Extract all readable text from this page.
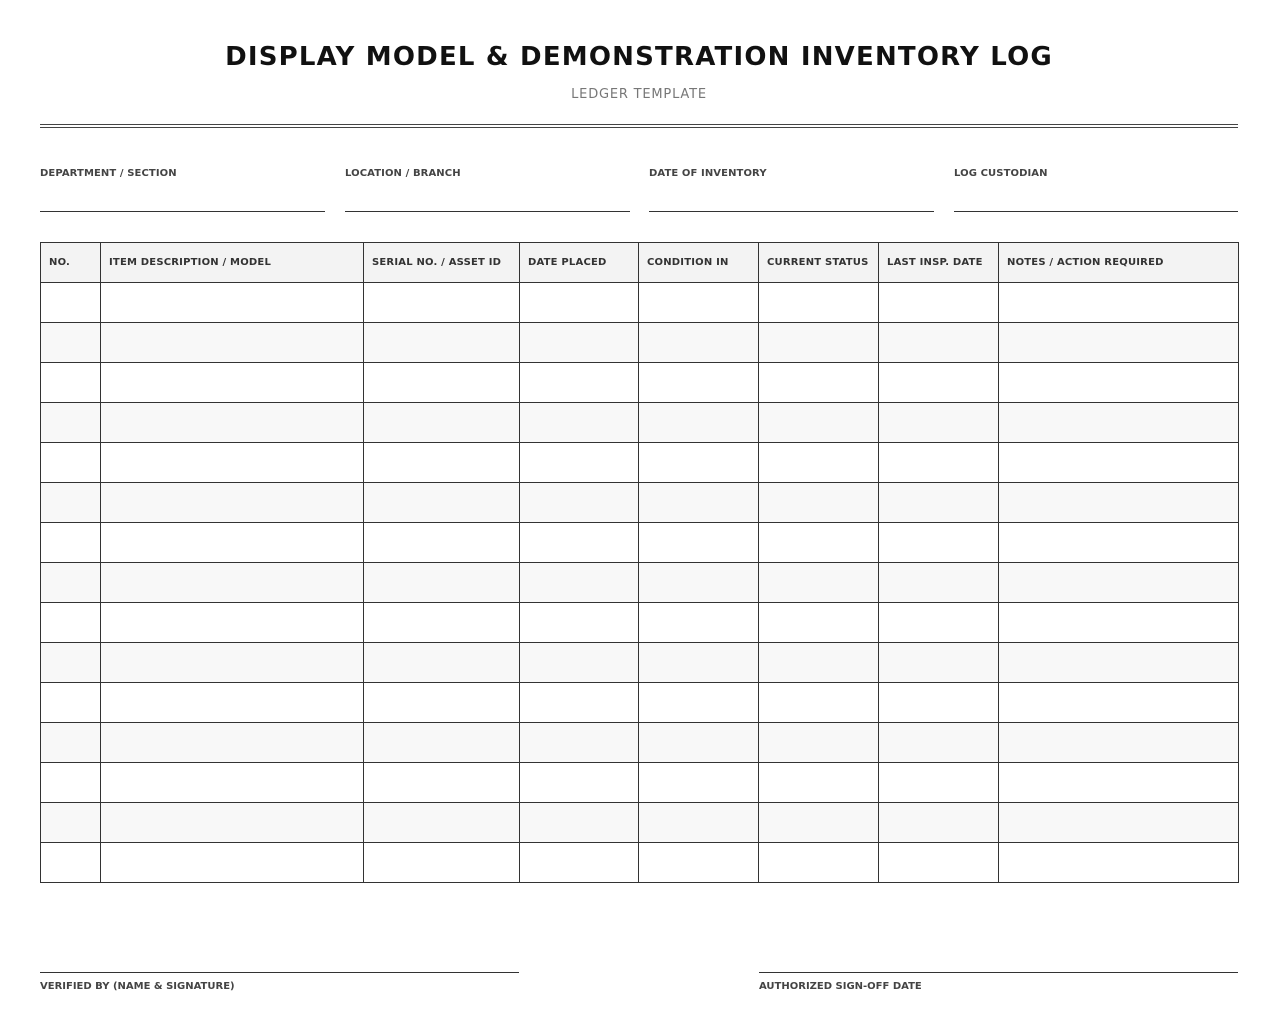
DISPLAY MODEL & DEMONSTRATION INVENTORY LOG
LEDGER TEMPLATE
DEPARTMENT / SECTION	LOCATION / BRANCH	DATE OF INVENTORY	LOG CUSTODIAN
NO.	ITEM DESCRIPTION / MODEL	SERIAL NO. / ASSET ID	DATE PLACED	CONDITION IN	CURRENT STATUS	LAST INSP. DATE	NOTES / ACTION REQUIRED

VERIFIED BY (NAME & SIGNATURE)	AUTHORIZED SIGN-OFF DATE
